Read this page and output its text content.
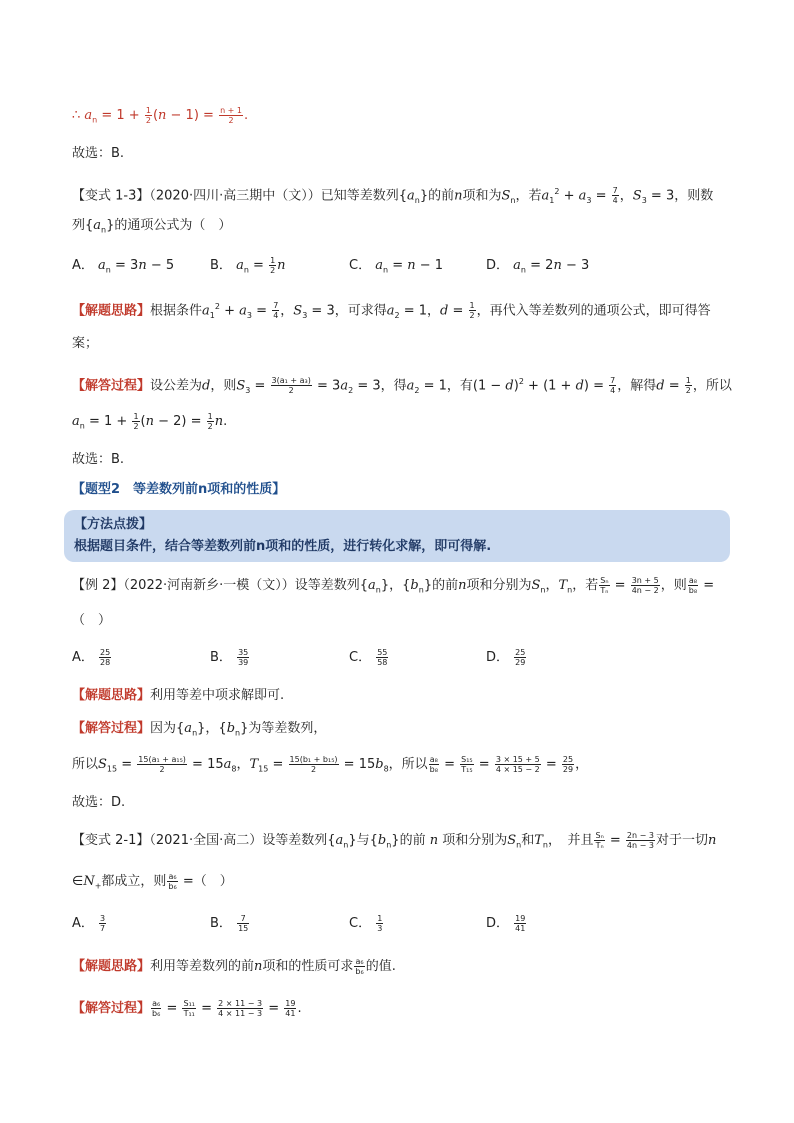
∴ $a_n = 1 + \frac{1}{2} (n - 1) = \frac{n + 1}{2}$ .
故选：B.
【变式 1-3】（2020·四川·高三期中（文））已知等差数列$\{a_n\}$的前n项和为$S_n$，若$a_1^2 + a_3 = \frac{7}{4}$ ，$S_3 = 3$，则数
列$\{a_n\}$的通项公式为（　）
A． $a_n = 3n - 5$	B． $a_n = \frac{1}{2}$ n	C． $a_n = n - 1$	D． $a_n = 2n - 3$
【解题思路】根据条件$a_1^2 + a_3 = \frac{7}{4}$ ，$S_3 = 3$，可求得$a_2 = 1$，$d = \frac{1}{2}$ ，再代入等差数列的通项公式，即可得答
案；
【解答过程】设公差为d，则$S_3 = \frac{\text{3(a₁ + a₃)}}{2} = 3a_2 = 3$，得$a_2 = 1$，有$(1 - d)^2 + (1 + d) = \frac{7}{4}$ ，解得$d = \frac{1}{2}$ ，所以
$a_n = 1 + \frac{1}{2} (n - 2) = \frac{1}{2} n$.
故选：B.
【题型2　等差数列前n项和的性质】
【方法点拨】
根据题目条件，结合等差数列前n项和的性质，进行转化求解，即可得解.
【例 2】（2022·河南新乡·一模（文））设等差数列$\{a_n\}$，$\{b_n\}$的前n项和分别为$S_n$，$T_n$，若 $\frac{\text{Sₙ}}{\text{Tₙ}} = \frac{3n + 5}{4n - 2}$ ，则 $\frac{\text{a₈}}{\text{b₈}}$ =
（　）
A． $\frac{25}{28}$	B． $\frac{35}{39}$	C． $\frac{55}{58}$	D． $\frac{25}{29}$
【解题思路】利用等差中项求解即可.
【解答过程】因为$\{a_n\}$，$\{b_n\}$为等差数列，
所以$S_{15} = \frac{\text{15(a₁ + a₁₅)}}{2} = 15a_8$，$T_{15} = \frac{\text{15(b₁ + b₁₅)}}{2} = 15b_8$，所以 $\frac{\text{a₈}}{\text{b₈}} = \frac{\text{S₁₅}}{\text{T₁₅}} = \frac{3 \times 15 + 5}{4 \times 15 - 2} = \frac{25}{29}$ ，
故选：D.
【变式 2-1】（2021·全国·高二）设等差数列$\{a_n\}$与$\{b_n\}$的前 n 项和分别为$S_n$和$T_n$，　并且 $\frac{\text{Sₙ}}{\text{Tₙ}} = \frac{2n - 3}{4n - 3}$ 对于一切n
$\in N_+$都成立，则 $\frac{\text{a₆}}{\text{b₆}}$ =（　）
A． $\frac{3}{7}$	B． $\frac{7}{15}$	C． $\frac{1}{3}$	D． $\frac{19}{41}$
【解题思路】利用等差数列的前n项和的性质可求 $\frac{\text{a₆}}{\text{b₆}}$ 的值.
【解答过程】 $\frac{\text{a₆}}{\text{b₆}} = \frac{\text{S₁₁}}{\text{T₁₁}} = \frac{2 \times 11 - 3}{4 \times 11 - 3} = \frac{19}{41}$ .
